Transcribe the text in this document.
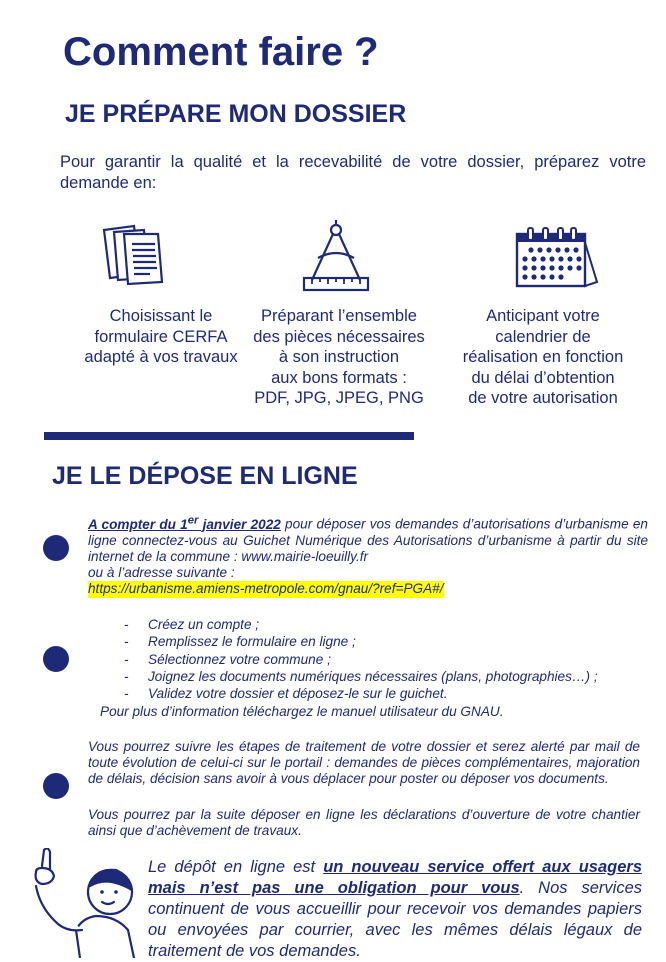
Comment faire ?
JE PRÉPARE MON DOSSIER
Pour garantir la qualité et la recevabilité de votre dossier, préparez votre demande en:
Choisissant le
formulaire CERFA
adapté à vos travaux
Préparant l’ensemble
des pièces nécessaires
à son instruction
aux bons formats :
PDF, JPG, JPEG, PNG
Anticipant votre
calendrier de
réalisation en fonction
du délai d’obtention
de votre autorisation
JE LE DÉPOSE EN LIGNE
A compter du 1er janvier 2022 pour déposer vos demandes d’autorisations d’urbanisme en ligne connectez-vous au Guichet Numérique des Autorisations d’urbanisme à partir du site internet de la commune : www.mairie-loeuilly.fr
ou à l’adresse suivante :
https://urbanisme.amiens-metropole.com/gnau/?ref=PGA#/
- Créez un compte ;
- Remplissez le formulaire en ligne ;
- Sélectionnez votre commune ;
- Joignez les documents numériques nécessaires (plans, photographies…) ;
- Validez votre dossier et déposez-le sur le guichet.
Pour plus d’information téléchargez le manuel utilisateur du GNAU.
Vous pourrez suivre les étapes de traitement de votre dossier et serez alerté par mail de toute évolution de celui-ci sur le portail : demandes de pièces complémentaires, majoration de délais, décision sans avoir à vous déplacer pour poster ou déposer vos documents.
Vous pourrez par la suite déposer en ligne les déclarations d’ouverture de votre chantier ainsi que d’achèvement de travaux.
Le dépôt en ligne est un nouveau service offert aux usagers mais n’est pas une obligation pour vous. Nos services continuent de vous accueillir pour recevoir vos demandes papiers ou envoyées par courrier, avec les mêmes délais légaux de traitement de vos demandes.
